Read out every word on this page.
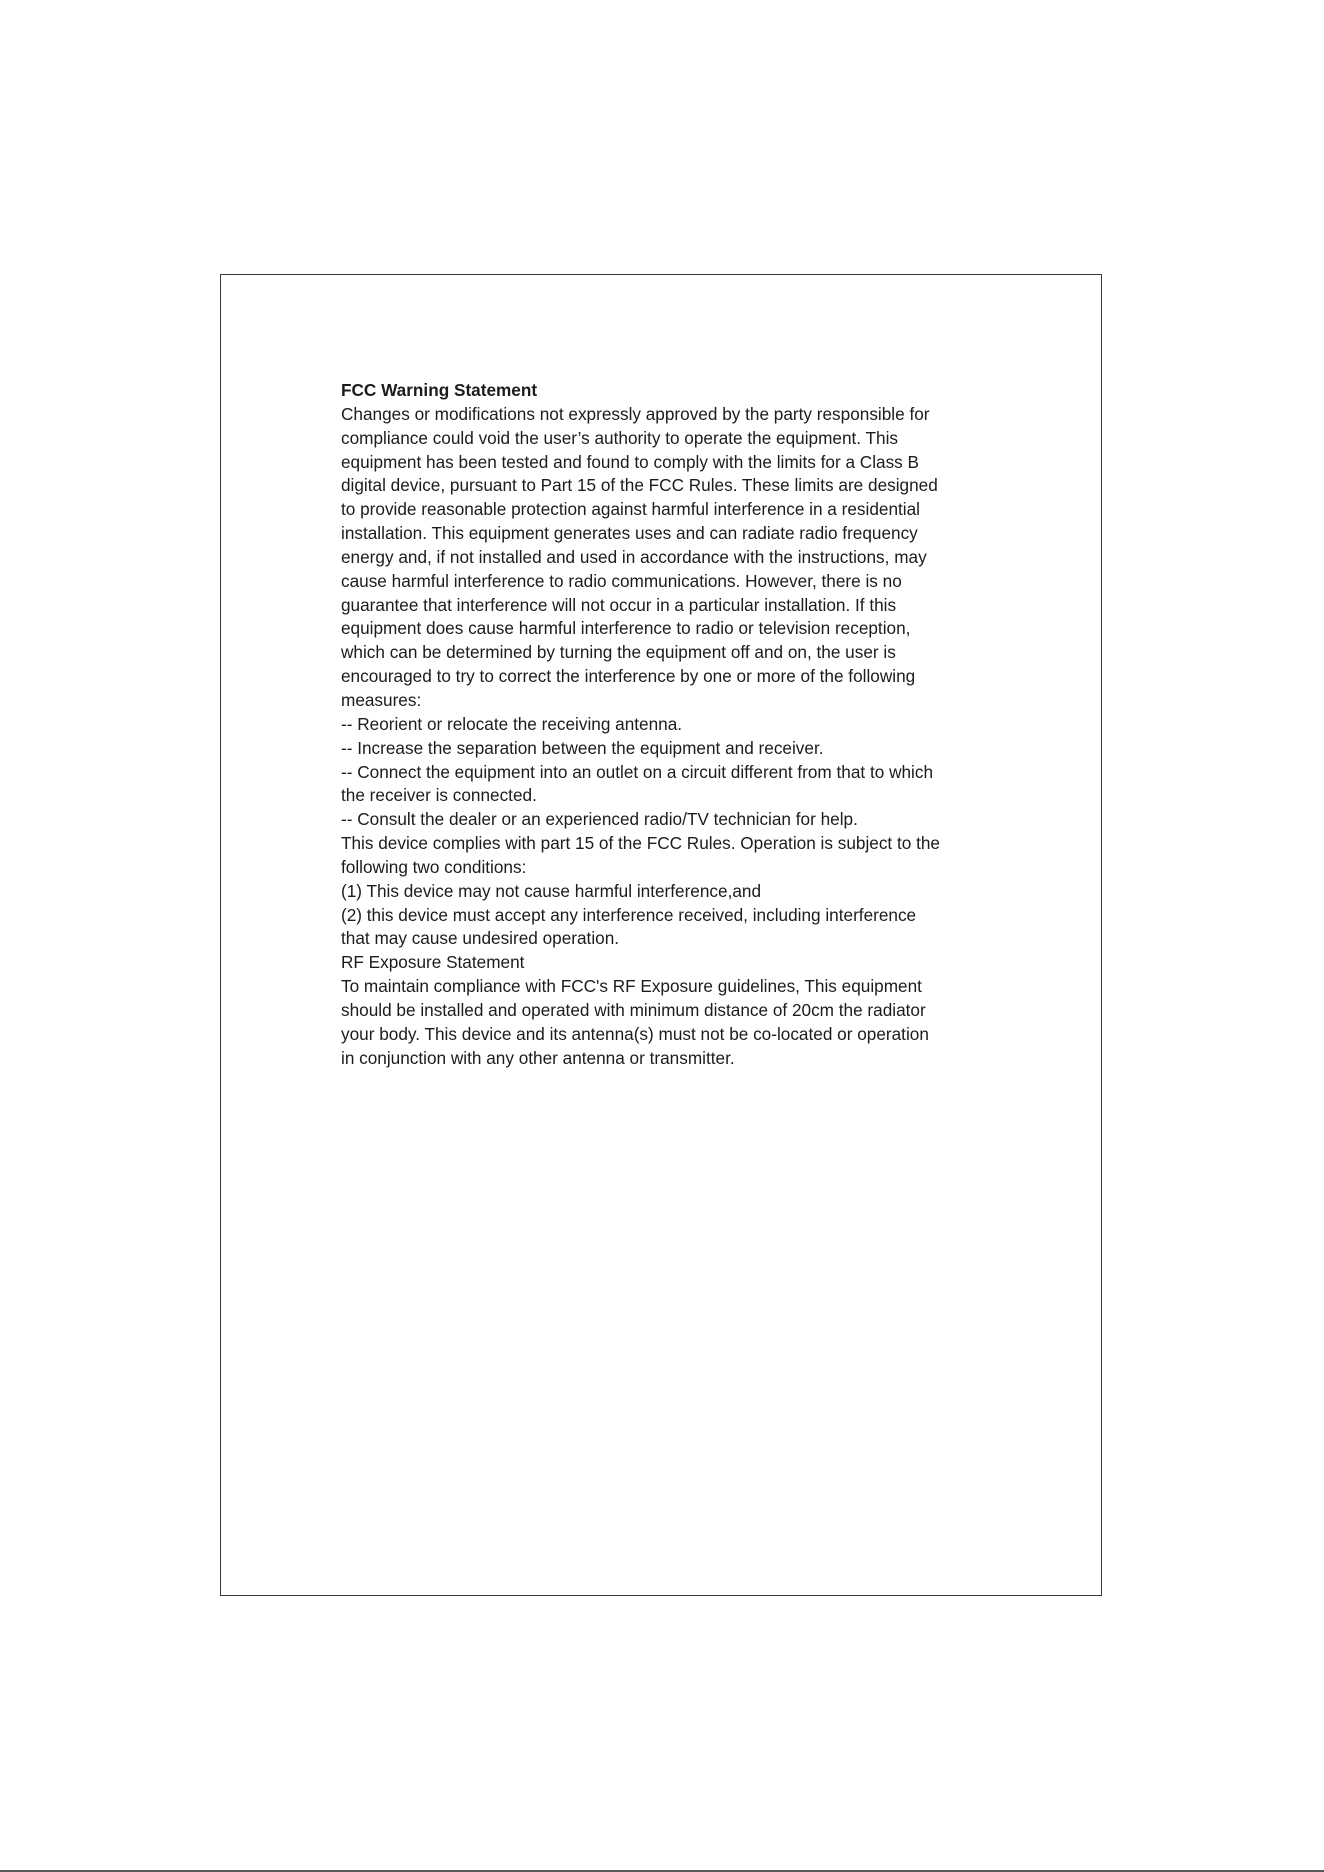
FCC Warning Statement
Changes or modifications not expressly approved by the party responsible for
compliance could void the user’s authority to operate the equipment. This
equipment has been tested and found to comply with the limits for a Class B
digital device, pursuant to Part 15 of the FCC Rules. These limits are designed
to provide reasonable protection against harmful interference in a residential
installation. This equipment generates uses and can radiate radio frequency
energy and, if not installed and used in accordance with the instructions, may
cause harmful interference to radio communications. However, there is no
guarantee that interference will not occur in a particular installation. If this
equipment does cause harmful interference to radio or television reception,
which can be determined by turning the equipment off and on, the user is
encouraged to try to correct the interference by one or more of the following
measures:
-- Reorient or relocate the receiving antenna.
-- Increase the separation between the equipment and receiver.
-- Connect the equipment into an outlet on a circuit different from that to which
the receiver is connected.
-- Consult the dealer or an experienced radio/TV technician for help.
This device complies with part 15 of the FCC Rules. Operation is subject to the
following two conditions:
(1) This device may not cause harmful interference,and
(2) this device must accept any interference received, including interference
that may cause undesired operation.
RF Exposure Statement
To maintain compliance with FCC's RF Exposure guidelines, This equipment
should be installed and operated with minimum distance of 20cm the radiator
your body. This device and its antenna(s) must not be co-located or operation
in conjunction with any other antenna or transmitter.
